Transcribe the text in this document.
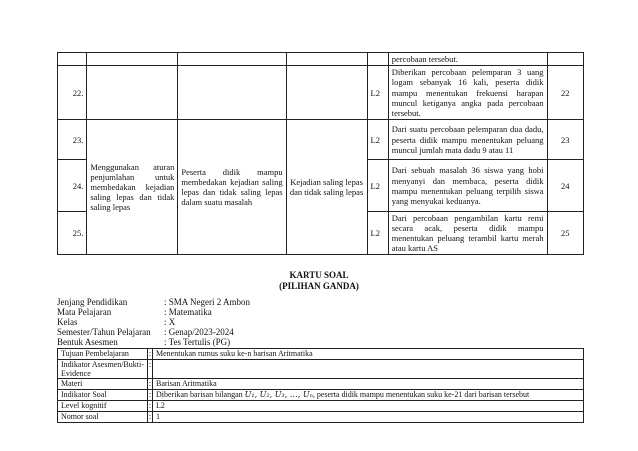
					percobaan tersebut.	
22.				L2	Diberikan percobaan pelemparan 3 uang logam sebanyak 16 kali, peserta didik mampu menentukan frekuensi harapan muncul ketiganya angka pada percobaan tersebut.	22
23.	Menggunakan aturan penjumlahan untuk membedakan kejadian saling lepas dan tidak saling lepas	Peserta didik mampu membedakan kejadian saling lepas dan tidak saling lepas dalam suatu masalah	Kejadian saling lepas dan tidak saling lepas	L2	Dari suatu percobaan pelemparan dua dadu, peserta didik mampu menentukan peluang muncul jumlah mata dadu 9 atau 11	23
24.				L2	Dari sebuah masalah 36 siswa yang hobi menyanyi dan membaca, peserta didik mampu menentukan peluang terpilih siswa yang menyukai keduanya.	24
25.				L2	Dari percobaan pengambilan kartu remi secara acak, peserta didik mampu menentukan peluang terambil kartu merah atau kartu AS	25
KARTU SOAL
(PILIHAN GANDA)
Jenjang Pendidikan	: SMA Negeri 2 Ambon
Mata Pelajaran	: Matematika
Kelas	: X
Semester/Tahun Pelajaran : Genap/2023-2024
Bentuk Asesmen	: Tes Tertulis (PG)
Tujuan Pembelajaran	:	Menentukan rumus suku ke-n barisan Aritmatika
Indikator Asesmen/Bukti-Evidence	:	
Materi	:	Barisan Aritmatika
Indikator Soal	:	Diberikan barisan bilangan U₁, U₂, U₃, …, Uₙ, peserta didik mampu menentukan suku ke-21 dari barisan tersebut
Level kognitif	:	L2
Nomor soal	:	1
